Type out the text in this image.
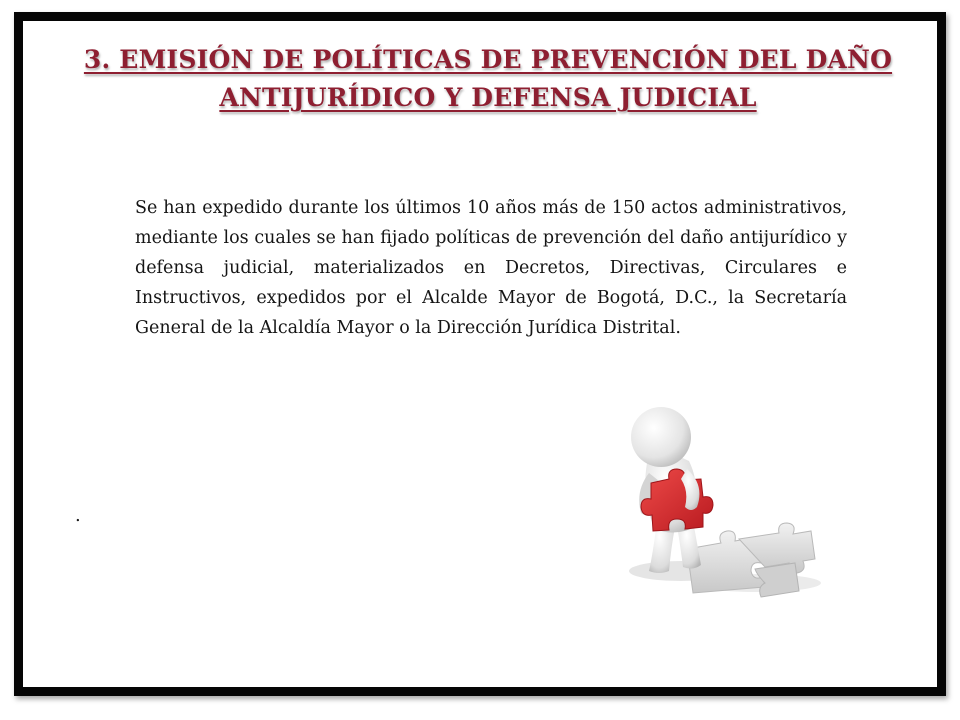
3. EMISIÓN DE POLÍTICAS DE PREVENCIÓN DEL DAÑO ANTIJURÍDICO Y DEFENSA JUDICIAL

Se han expedido durante los últimos 10 años más de 150 actos administrativos, mediante los cuales se han fijado políticas de prevención del daño antijurídico y defensa judicial, materializados en Decretos, Directivas, Circulares e Instructivos, expedidos por el Alcalde Mayor de Bogotá, D.C., la Secretaría General de la Alcaldía Mayor o la Dirección Jurídica Distrital.

.
